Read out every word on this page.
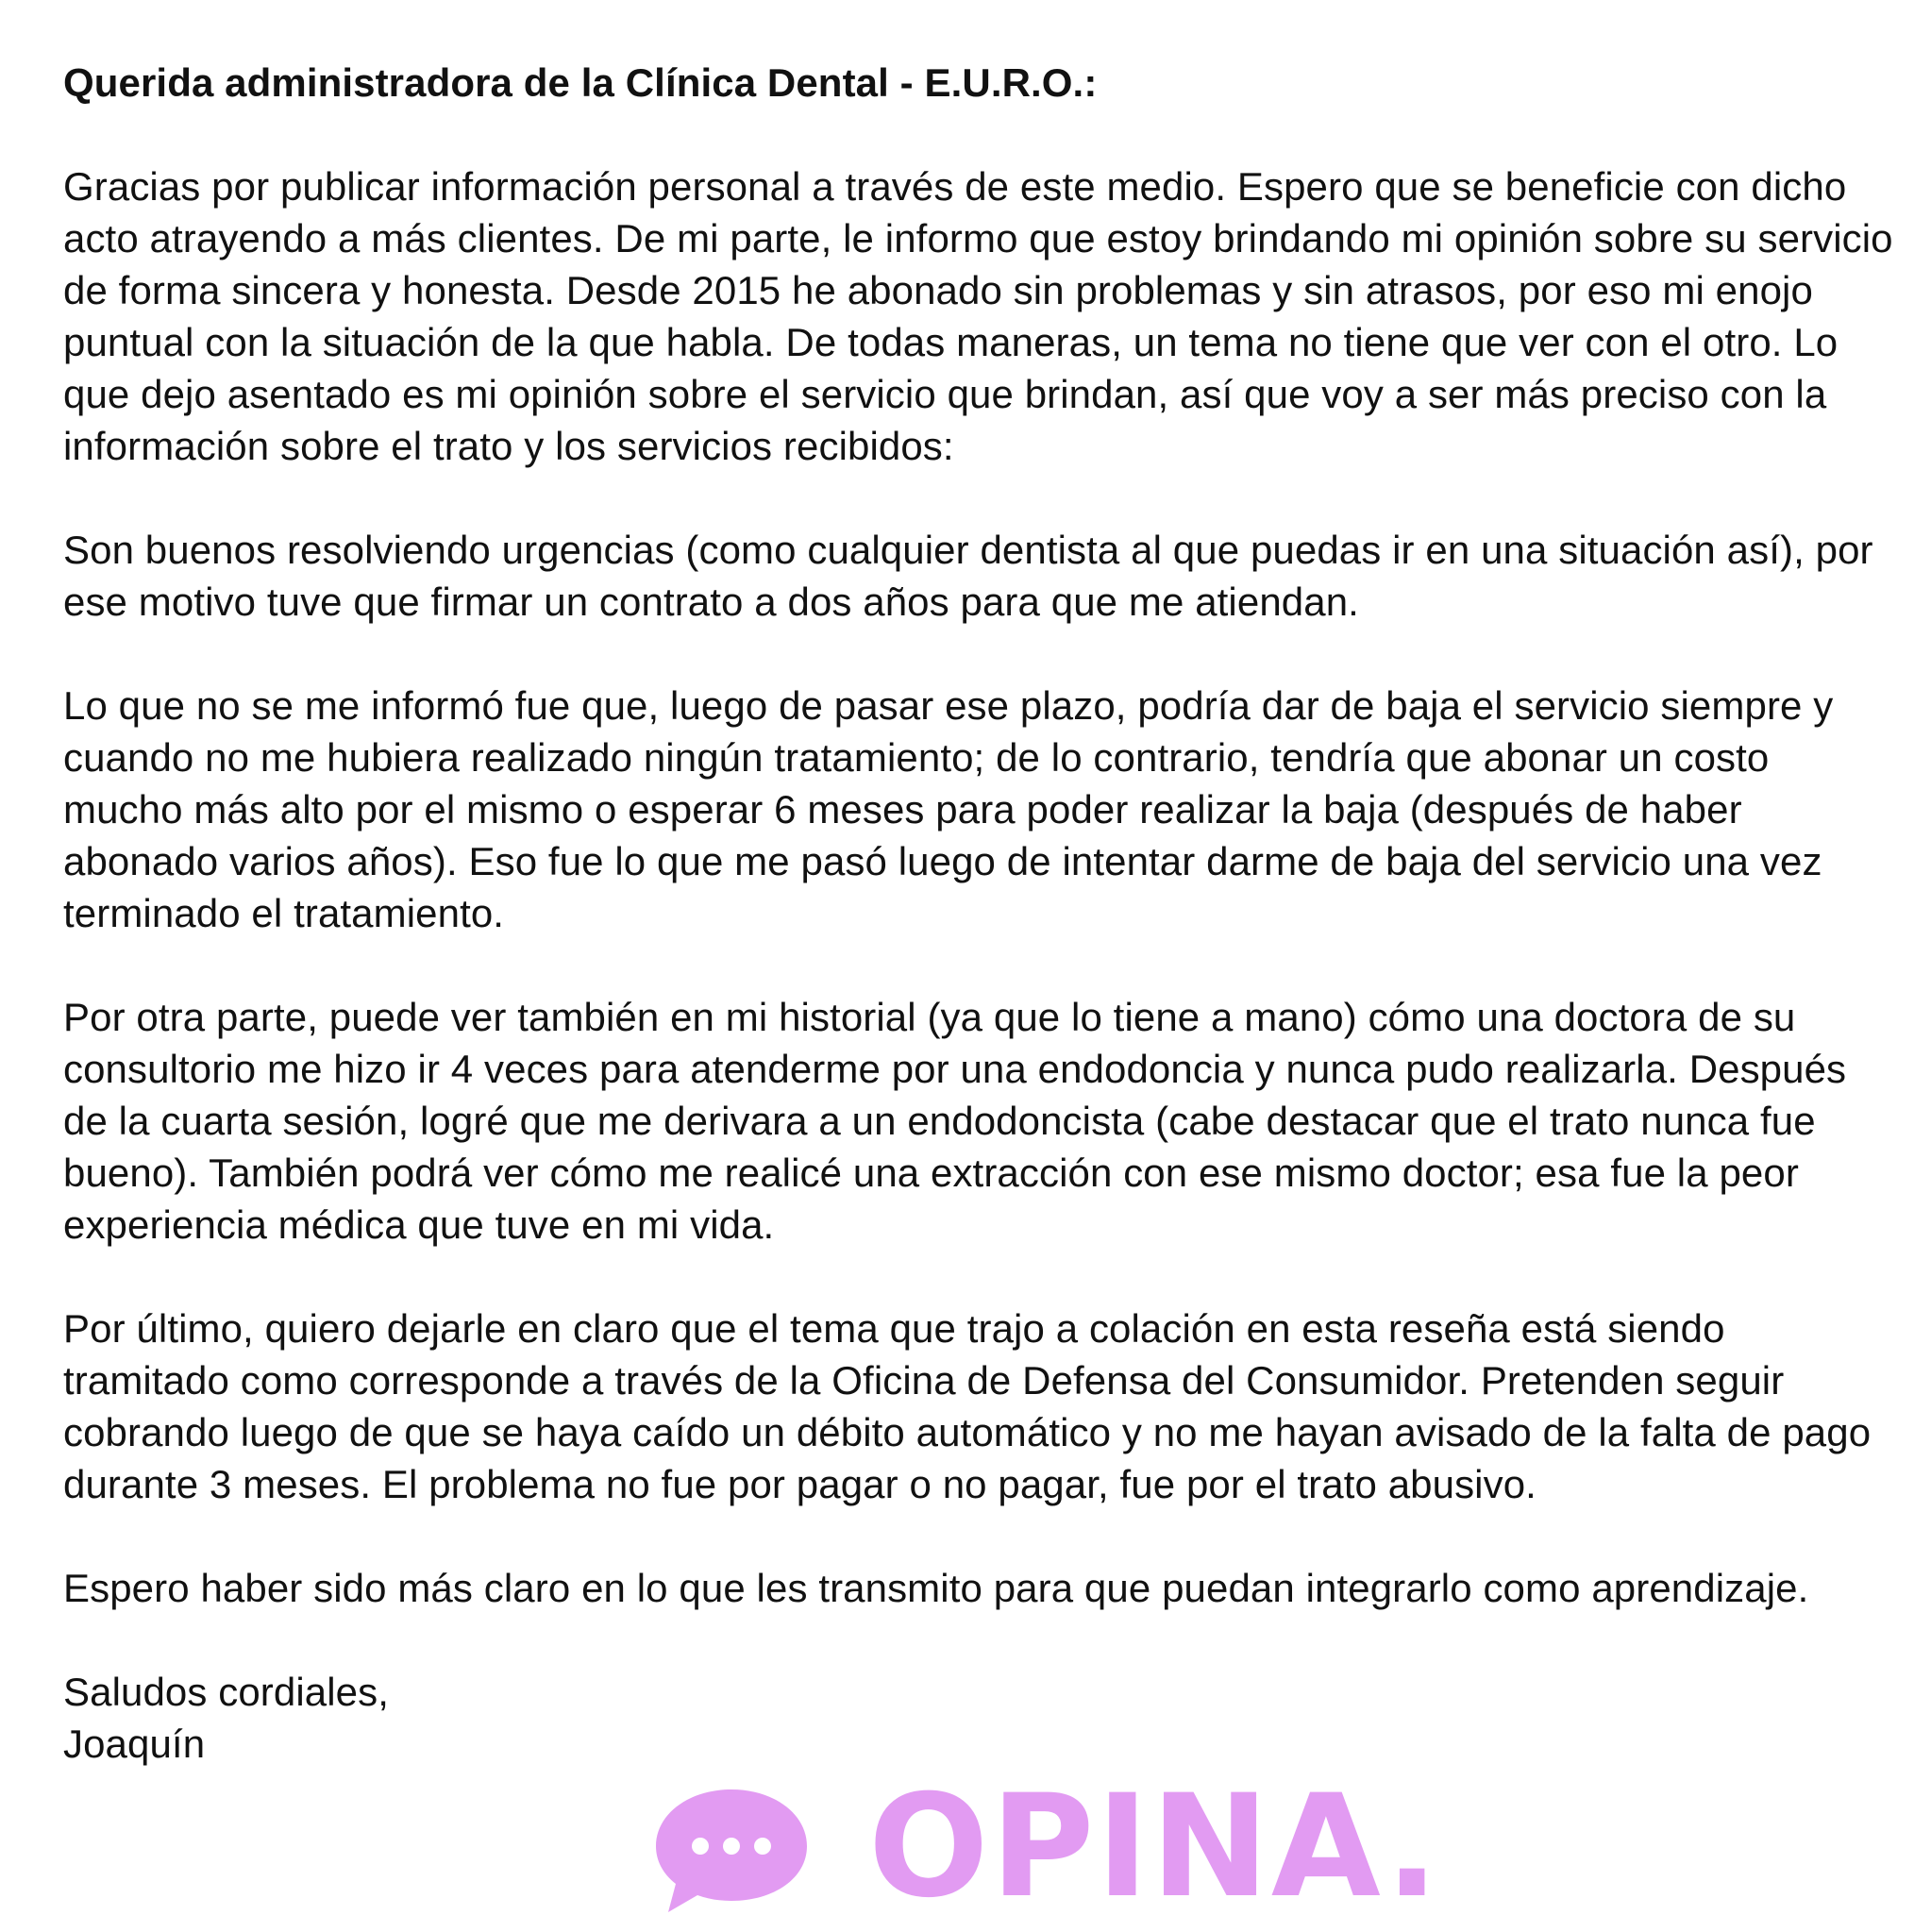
Querida administradora de la Clínica Dental - E.U.R.O.:

Gracias por publicar información personal a través de este medio. Espero que se beneficie con dicho acto atrayendo a más clientes. De mi parte, le informo que estoy brindando mi opinión sobre su servicio de forma sincera y honesta. Desde 2015 he abonado sin problemas y sin atrasos, por eso mi enojo puntual con la situación de la que habla. De todas maneras, un tema no tiene que ver con el otro. Lo que dejo asentado es mi opinión sobre el servicio que brindan, así que voy a ser más preciso con la información sobre el trato y los servicios recibidos:

Son buenos resolviendo urgencias (como cualquier dentista al que puedas ir en una situación así), por ese motivo tuve que firmar un contrato a dos años para que me atiendan.

Lo que no se me informó fue que, luego de pasar ese plazo, podría dar de baja el servicio siempre y cuando no me hubiera realizado ningún tratamiento; de lo contrario, tendría que abonar un costo mucho más alto por el mismo o esperar 6 meses para poder realizar la baja (después de haber abonado varios años). Eso fue lo que me pasó luego de intentar darme de baja del servicio una vez terminado el tratamiento.

Por otra parte, puede ver también en mi historial (ya que lo tiene a mano) cómo una doctora de su consultorio me hizo ir 4 veces para atenderme por una endodoncia y nunca pudo realizarla. Después de la cuarta sesión, logré que me derivara a un endodoncista (cabe destacar que el trato nunca fue bueno). También podrá ver cómo me realicé una extracción con ese mismo doctor; esa fue la peor experiencia médica que tuve en mi vida.

Por último, quiero dejarle en claro que el tema que trajo a colación en esta reseña está siendo tramitado como corresponde a través de la Oficina de Defensa del Consumidor. Pretenden seguir cobrando luego de que se haya caído un débito automático y no me hayan avisado de la falta de pago durante 3 meses. El problema no fue por pagar o no pagar, fue por el trato abusivo.

Espero haber sido más claro en lo que les transmito para que puedan integrarlo como aprendizaje.

Saludos cordiales,
Joaquín

OPINA.
